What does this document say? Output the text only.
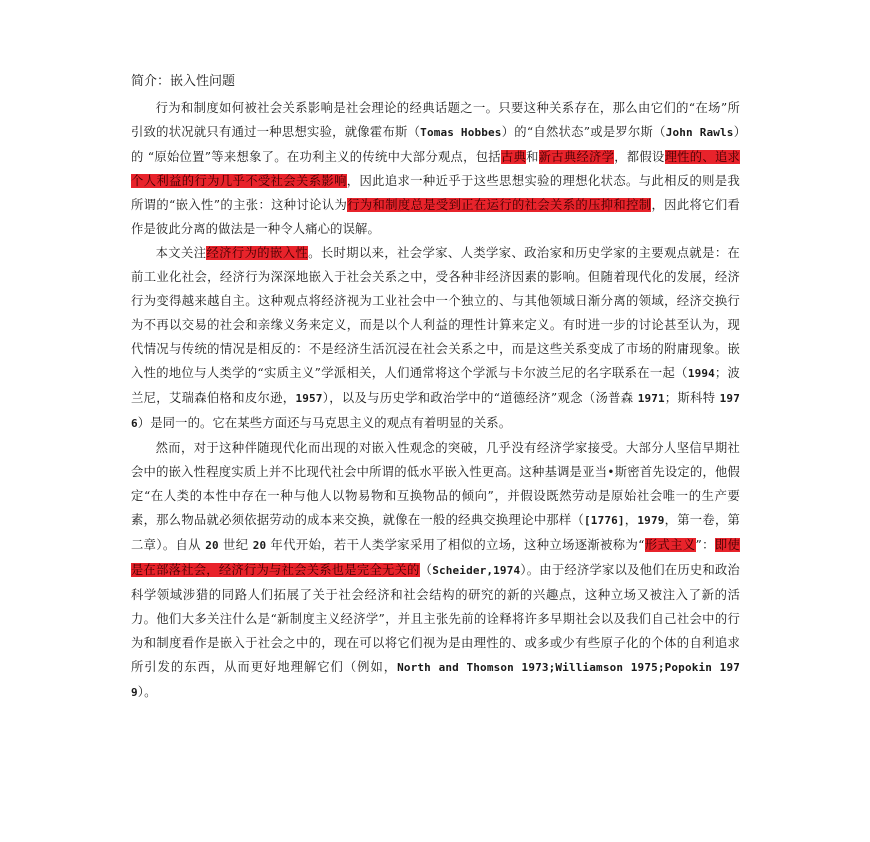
简介：嵌入性问题

行为和制度如何被社会关系影响是社会理论的经典话题之一。只要这种关系存在，那么由它们的“在场”所引致的状况就只有通过一种思想实验，就像霍布斯（Tomas Hobbes）的“自然状态”或是罗尔斯（John Rawls）的 “原始位置”等来想象了。在功利主义的传统中大部分观点，包括古典和新古典经济学，都假设理性的、追求个人利益的行为几乎不受社会关系影响，因此追求一种近乎于这些思想实验的理想化状态。与此相反的则是我所谓的“嵌入性”的主张：这种讨论认为行为和制度总是受到正在运行的社会关系的压抑和控制，因此将它们看作是彼此分离的做法是一种令人痛心的误解。

本文关注经济行为的嵌入性。长时期以来，社会学家、人类学家、政治家和历史学家的主要观点就是：在前工业化社会，经济行为深深地嵌入于社会关系之中，受各种非经济因素的影响。但随着现代化的发展，经济行为变得越来越自主。这种观点将经济视为工业社会中一个独立的、与其他领域日渐分离的领域，经济交换行为不再以交易的社会和亲缘义务来定义，而是以个人利益的理性计算来定义。有时进一步的讨论甚至认为，现代情况与传统的情况是相反的：不是经济生活沉浸在社会关系之中，而是这些关系变成了市场的附庸现象。嵌入性的地位与人类学的“实质主义”学派相关，人们通常将这个学派与卡尔波兰尼的名字联系在一起（1994；波兰尼，艾瑞森伯格和皮尔逊，1957），以及与历史学和政治学中的“道德经济”观念（汤普森 1971；斯科特 1976）是同一的。它在某些方面还与马克思主义的观点有着明显的关系。

然而，对于这种伴随现代化而出现的对嵌入性观念的突破，几乎没有经济学家接受。大部分人坚信早期社会中的嵌入性程度实质上并不比现代社会中所谓的低水平嵌入性更高。这种基调是亚当•斯密首先设定的，他假定“在人类的本性中存在一种与他人以物易物和互换物品的倾向”，并假设既然劳动是原始社会唯一的生产要素，那么物品就必须依据劳动的成本来交换，就像在一般的经典交换理论中那样（[1776]，1979，第一卷，第二章）。自从 20 世纪 20 年代开始，若干人类学家采用了相似的立场，这种立场逐渐被称为“形式主义”：即使是在部落社会，经济行为与社会关系也是完全无关的（Scheider,1974）。由于经济学家以及他们在历史和政治科学领域涉猎的同路人们拓展了关于社会经济和社会结构的研究的新的兴趣点，这种立场又被注入了新的活力。他们大多关注什么是“新制度主义经济学”，并且主张先前的诠释将许多早期社会以及我们自己社会中的行为和制度看作是嵌入于社会之中的，现在可以将它们视为是由理性的、或多或少有些原子化的个体的自利追求所引发的东西，从而更好地理解它们（例如，North and Thomson 1973;Williamson 1975;Popokin 1979）。
